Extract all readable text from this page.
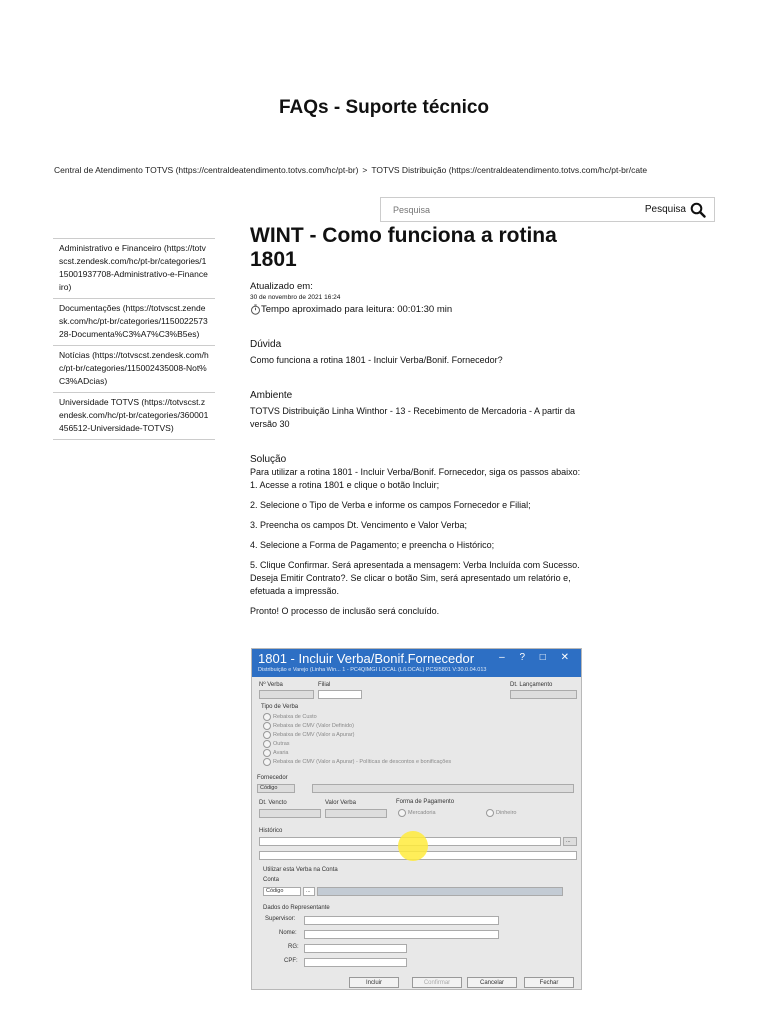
FAQs - Suporte técnico
Central de Atendimento TOTVS (https://centraldeatendimento.totvs.com/hc/pt-br) > TOTVS Distribuição (https://centraldeatendimento.totvs.com/hc/pt-br/cate
Pesquisa
Pesquisa
Administrativo e Financeiro (https://totvscst.zendesk.com/hc/pt-br/categories/115001937708-Administrativo-e-Financeiro)
Documentações (https://totvscst.zendesk.com/hc/pt-br/categories/115002257328-Documenta%C3%A7%C3%B5es)
Notícias (https://totvscst.zendesk.com/hc/pt-br/categories/115002435008-Not%C3%ADcias)
Universidade TOTVS (https://totvscst.zendesk.com/hc/pt-br/categories/360001456512-Universidade-TOTVS)
WINT - Como funciona a rotina 1801
Atualizado em:
30 de novembro de 2021 16:24
Tempo aproximado para leitura: 00:01:30 min
Dúvida
Como funciona a rotina 1801 - Incluir Verba/Bonif. Fornecedor?
Ambiente
TOTVS Distribuição Linha Winthor - 13 - Recebimento de Mercadoria - A partir da versão 30
Solução
Para utilizar a rotina 1801 - Incluir Verba/Bonif. Fornecedor, siga os passos abaixo:
1. Acesse a rotina 1801 e clique o botão Incluir;
2. Selecione o Tipo de Verba e informe os campos Fornecedor e Filial;
3. Preencha os campos Dt. Vencimento e Valor Verba;
4. Selecione a Forma de Pagamento; e preencha o Histórico;
5. Clique Confirmar. Será apresentada a mensagem: Verba Incluída com Sucesso. Deseja Emitir Contrato?. Se clicar o botão Sim, será apresentado um relatório e, efetuada a impressão.
Pronto! O processo de inclusão será concluído.
1801 - Incluir Verba/Bonif.Fornecedor
Distribuição e Varejo (Linha Win... 1 - PC4QIMGI LOCAL (L/LOCAL) PCSI5801 V:30.0.04.013
– ? □ ✕
Nº Verba	Filial	Dt. Lançamento
Tipo de Verba
Rebaixa de Custo
Rebaixa de CMV (Valor Definido)
Rebaixa de CMV (Valor a Apurar)
Outras
Avaria
Rebaixa de CMV (Valor a Apurar) - Políticas de descontos e bonificações
Fornecedor
Código
Dt. Vencto	Valor Verba	Forma de Pagamento
Mercadoria	Dinheiro
Histórico
...
Utilizar esta Verba na Conta
Conta
Código	...
Dados do Representante
Supervisor:
Nome:
RG:
CPF:
Incluir	Confirmar	Cancelar	Fechar
